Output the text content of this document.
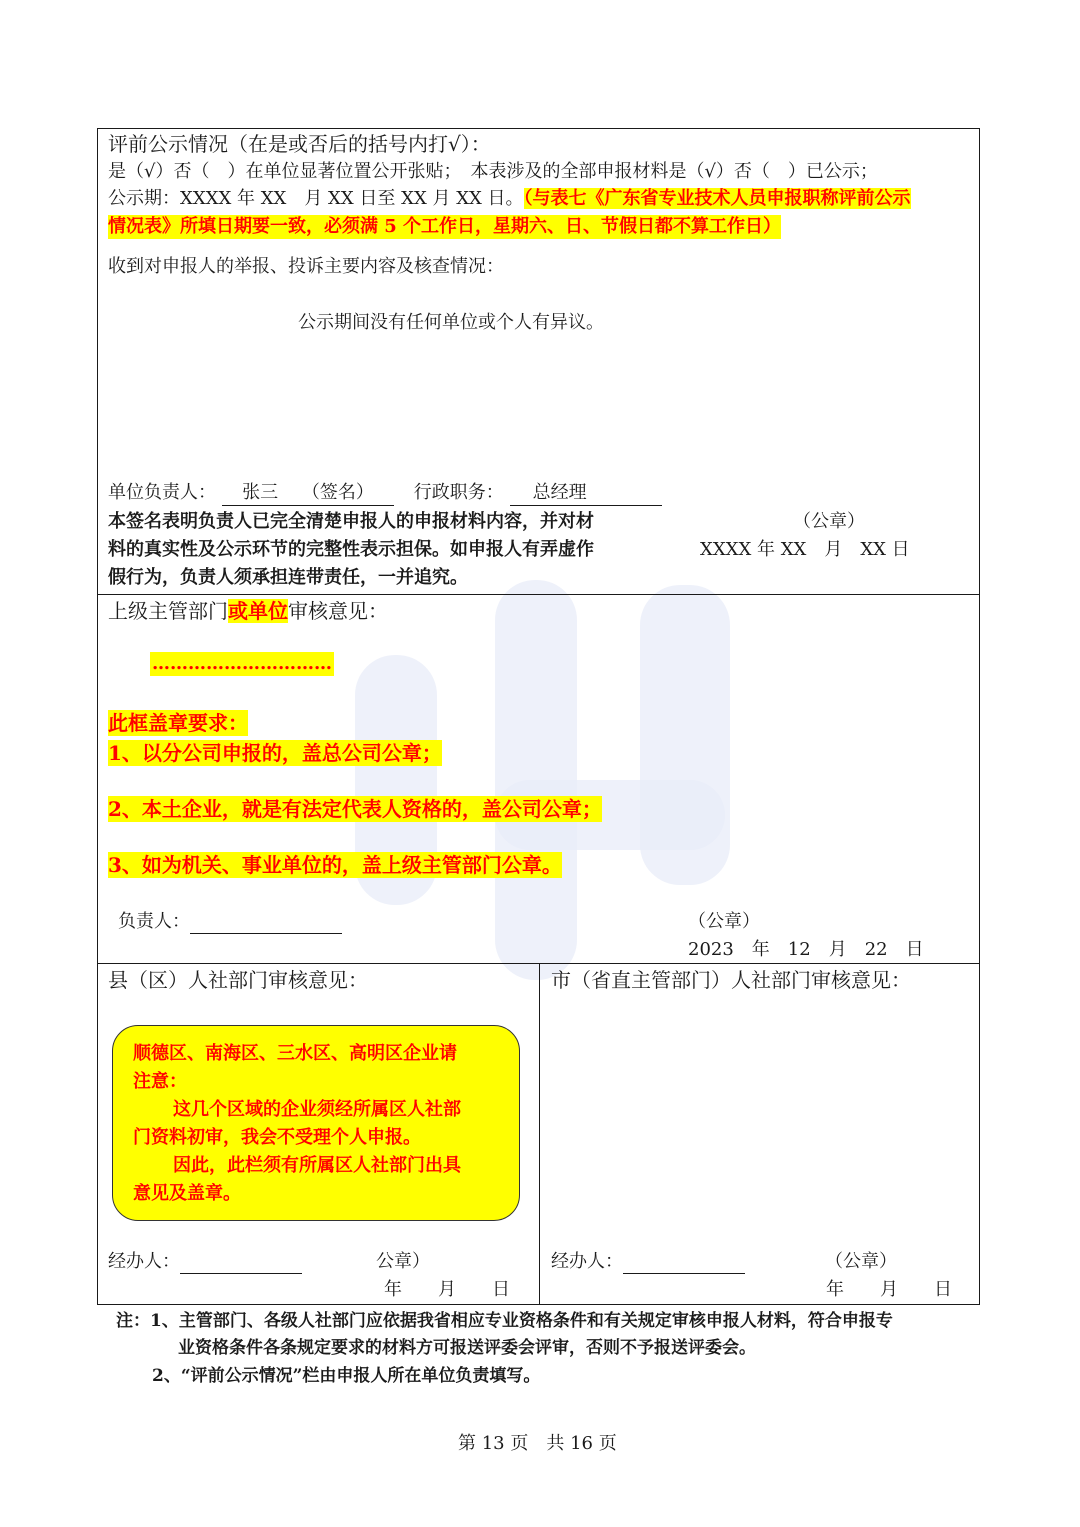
评前公示情况（在是或否后的括号内打√）：
是（√）否（　）在单位显著位置公开张贴；　本表涉及的全部申报材料是（√）否（　）已公示；
公示期：XXXX 年 XX　月 XX 日至 XX 月 XX 日。（与表七《广东省专业技术人员申报职称评前公示
情况表》所填日期要一致，必须满 5 个工作日，星期六、日、节假日都不算工作日）
收到对申报人的举报、投诉主要内容及核查情况：
公示期间没有任何单位或个人有异议。
单位负责人： 张三　 （签名） 行政职务： 总经理
本签名表明负责人已完全清楚申报人的申报材料内容，并对材
料的真实性及公示环节的完整性表示担保。如申报人有弄虚作
假行为，负责人须承担连带责任，一并追究。
（公章）
XXXX 年 XX　月　XX 日
上级主管部门或单位审核意见：
…………………………
此框盖章要求：
1、以分公司申报的，盖总公司公章；
2、本土企业，就是有法定代表人资格的，盖公司公章；
3、如为机关、事业单位的，盖上级主管部门公章。
负责人：	（公章）
2023　年　12　月　22　日
县（区）人社部门审核意见：	市（省直主管部门）人社部门审核意见：
顺德区、南海区、三水区、高明区企业请
注意：
这几个区域的企业须经所属区人社部
门资料初审，我会不受理个人申报。
因此，此栏须有所属区人社部门出具
意见及盖章。
经办人：	公章）
年　　月　　日
经办人：	（公章）
年　　月　　日
注：1、主管部门、各级人社部门应依据我省相应专业资格条件和有关规定审核申报人材料，符合申报专
业资格条件各条规定要求的材料方可报送评委会评审，否则不予报送评委会。
2、“评前公示情况”栏由申报人所在单位负责填写。
第 13 页　共 16 页
